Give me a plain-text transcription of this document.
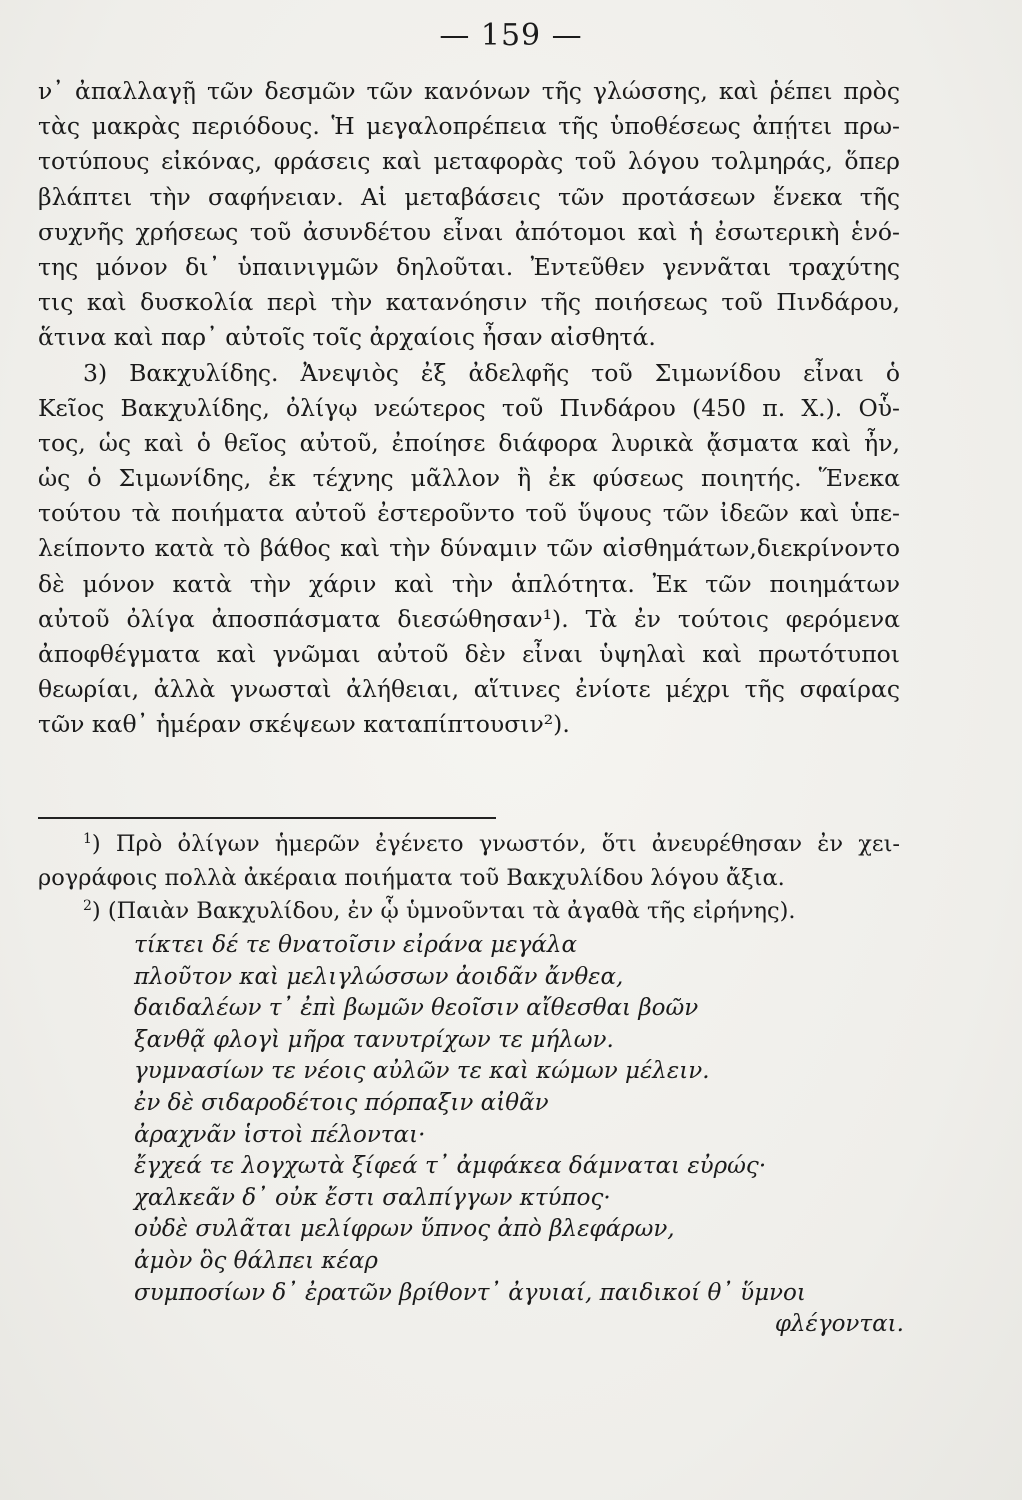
— 159 —
ν᾽ ἀπαλλαγῇ τῶν δεσμῶν τῶν κανόνων τῆς γλώσσης, καὶ ῥέπει πρὸς
τὰς μακρὰς περιόδους. Ἡ μεγαλοπρέπεια τῆς ὑποθέσεως ἀπῄτει πρω-
τοτύπους εἰκόνας, φράσεις καὶ μεταφορὰς τοῦ λόγου τολμηράς, ὅπερ
βλάπτει τὴν σαφήνειαν. Αἱ μεταβάσεις τῶν προτάσεων ἕνεκα τῆς
συχνῆς χρήσεως τοῦ ἀσυνδέτου εἶναι ἀπότομοι καὶ ἡ ἐσωτερικὴ ἑνό-
της μόνον δι᾽ ὑπαινιγμῶν δηλοῦται. Ἐντεῦθεν γεννᾶται τραχύτης
τις καὶ δυσκολία περὶ τὴν κατανόησιν τῆς ποιήσεως τοῦ Πινδάρου,
ἅτινα καὶ παρ᾽ αὐτοῖς τοῖς ἀρχαίοις ἦσαν αἰσθητά.
3) Βακχυλίδης. Ἀνεψιὸς ἐξ ἀδελφῆς τοῦ Σιμωνίδου εἶναι ὁ
Κεῖος Βακχυλίδης, ὀλίγῳ νεώτερος τοῦ Πινδάρου (450 π. Χ.). Οὗ-
τος, ὡς καὶ ὁ θεῖος αὐτοῦ, ἐποίησε διάφορα λυρικὰ ᾄσματα καὶ ἦν,
ὡς ὁ Σιμωνίδης, ἐκ τέχνης μᾶλλον ἢ ἐκ φύσεως ποιητής. Ἕνεκα
τούτου τὰ ποιήματα αὐτοῦ ἐστεροῦντο τοῦ ὕψους τῶν ἰδεῶν καὶ ὑπε-
λείποντο κατὰ τὸ βάθος καὶ τὴν δύναμιν τῶν αἰσθημάτων,διεκρίνοντο
δὲ μόνον κατὰ τὴν χάριν καὶ τὴν ἁπλότητα. Ἐκ τῶν ποιημάτων
αὐτοῦ ὀλίγα ἀποσπάσματα διεσώθησαν¹). Τὰ ἐν τούτοις φερόμενα
ἀποφθέγματα καὶ γνῶμαι αὐτοῦ δὲν εἶναι ὑψηλαὶ καὶ πρωτότυποι
θεωρίαι, ἀλλὰ γνωσταὶ ἀλήθειαι, αἵτινες ἐνίοτε μέχρι τῆς σφαίρας
τῶν καθ᾽ ἡμέραν σκέψεων καταπίπτουσιν²).
$^1$) Πρὸ ὀλίγων ἡμερῶν ἐγένετο γνωστόν, ὅτι ἀνευρέθησαν ἐν χει-
ρογράφοις πολλὰ ἀκέραια ποιήματα τοῦ Βακχυλίδου λόγου ἄξια.
$^2$) (Παιὰν Βακχυλίδου, ἐν ᾧ ὑμνοῦνται τὰ ἀγαθὰ τῆς εἰρήνης).
τίκτει δέ τε θνατοῖσιν εἰράνα μεγάλα
πλοῦτον καὶ μελιγλώσσων ἀοιδᾶν ἄνθεα,
δαιδαλέων τ᾽ ἐπὶ βωμῶν θεοῖσιν αἴθεσθαι βοῶν
ξανθᾷ φλογὶ μῆρα τανυτρίχων τε μήλων.
γυμνασίων τε νέοις αὐλῶν τε καὶ κώμων μέλειν.
ἐν δὲ σιδαροδέτοις πόρπαξιν αἰθᾶν
ἀραχνᾶν ἱστοὶ πέλονται·
ἔγχεά τε λογχωτὰ ξίφεά τ᾽ ἀμφάκεα δάμναται εὐρώς·
χαλκεᾶν δ᾽ οὐκ ἔστι σαλπίγγων κτύπος·
οὐδὲ συλᾶται μελίφρων ὕπνος ἀπὸ βλεφάρων,
ἀμὸν ὃς θάλπει κέαρ
συμποσίων δ᾽ ἐρατῶν βρίθοντ᾽ ἀγυιαί, παιδικοί θ᾽ ὕμνοι
φλέγονται.
